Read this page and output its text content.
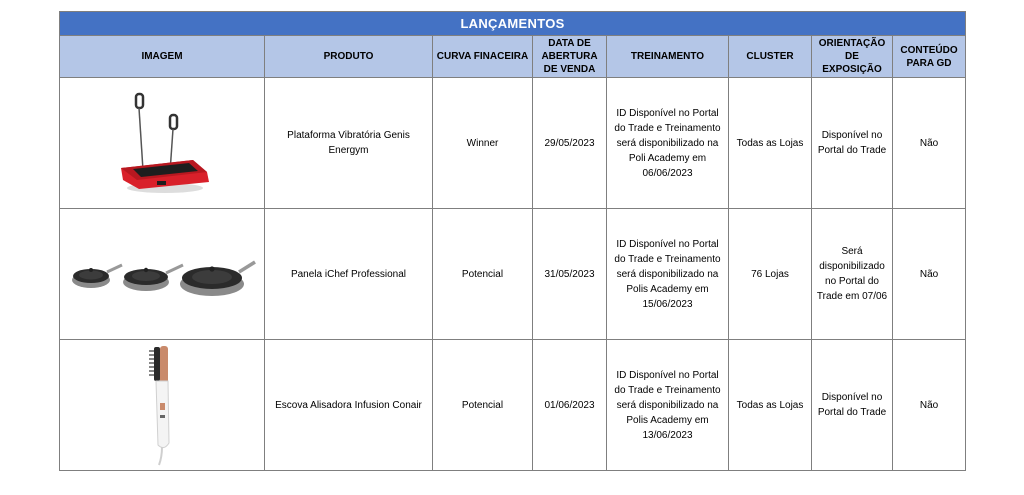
LANÇAMENTOS							
IMAGEM	PRODUTO	CURVA FINACEIRA	DATA DE ABERTURA DE VENDA	TREINAMENTO	CLUSTER	ORIENTAÇÃO DE EXPOSIÇÃO	CONTEÚDO PARA GD

	Plataforma Vibratória Genis Energym	Winner	29/05/2023	ID Disponível no Portal do Trade e Treinamento será disponibilizado na Poli Academy em 06/06/2023	Todas as Lojas	Disponível no Portal do Trade	Não

	Panela iChef Professional	Potencial	31/05/2023	ID Disponível no Portal do Trade e Treinamento será disponibilizado na Polis Academy em 15/06/2023	76 Lojas	Será disponibilizado no Portal do Trade em 07/06	Não

	Escova Alisadora Infusion Conair	Potencial	01/06/2023	ID Disponível no Portal do Trade e Treinamento será disponibilizado na Polis Academy em 13/06/2023	Todas as Lojas	Disponível no Portal do Trade	Não
